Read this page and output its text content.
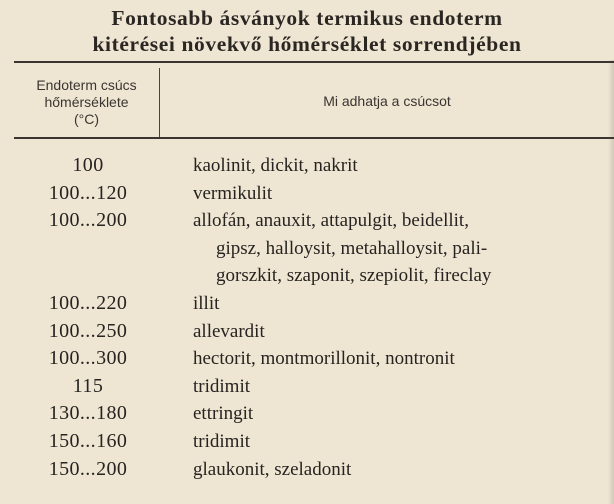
Fontosabb ásványok termikus endoterm
kitérései növekvő hőmérséklet sorrendjében
Endoterm csúcs
hőmérséklete
(°C)
Mi adhatja a csúcsot
100	kaolinit, dickit, nakrit
100...120	vermikulit
100...200	allofán, anauxit, attapulgit, beidellit,
gipsz, halloysit, metahalloysit, pali-
gorszkit, szaponit, szepiolit, fireclay
100...220	illit
100...250	allevardit
100...300	hectorit, montmorillonit, nontronit
115	tridimit
130...180	ettringit
150...160	tridimit
150...200	glaukonit, szeladonit
